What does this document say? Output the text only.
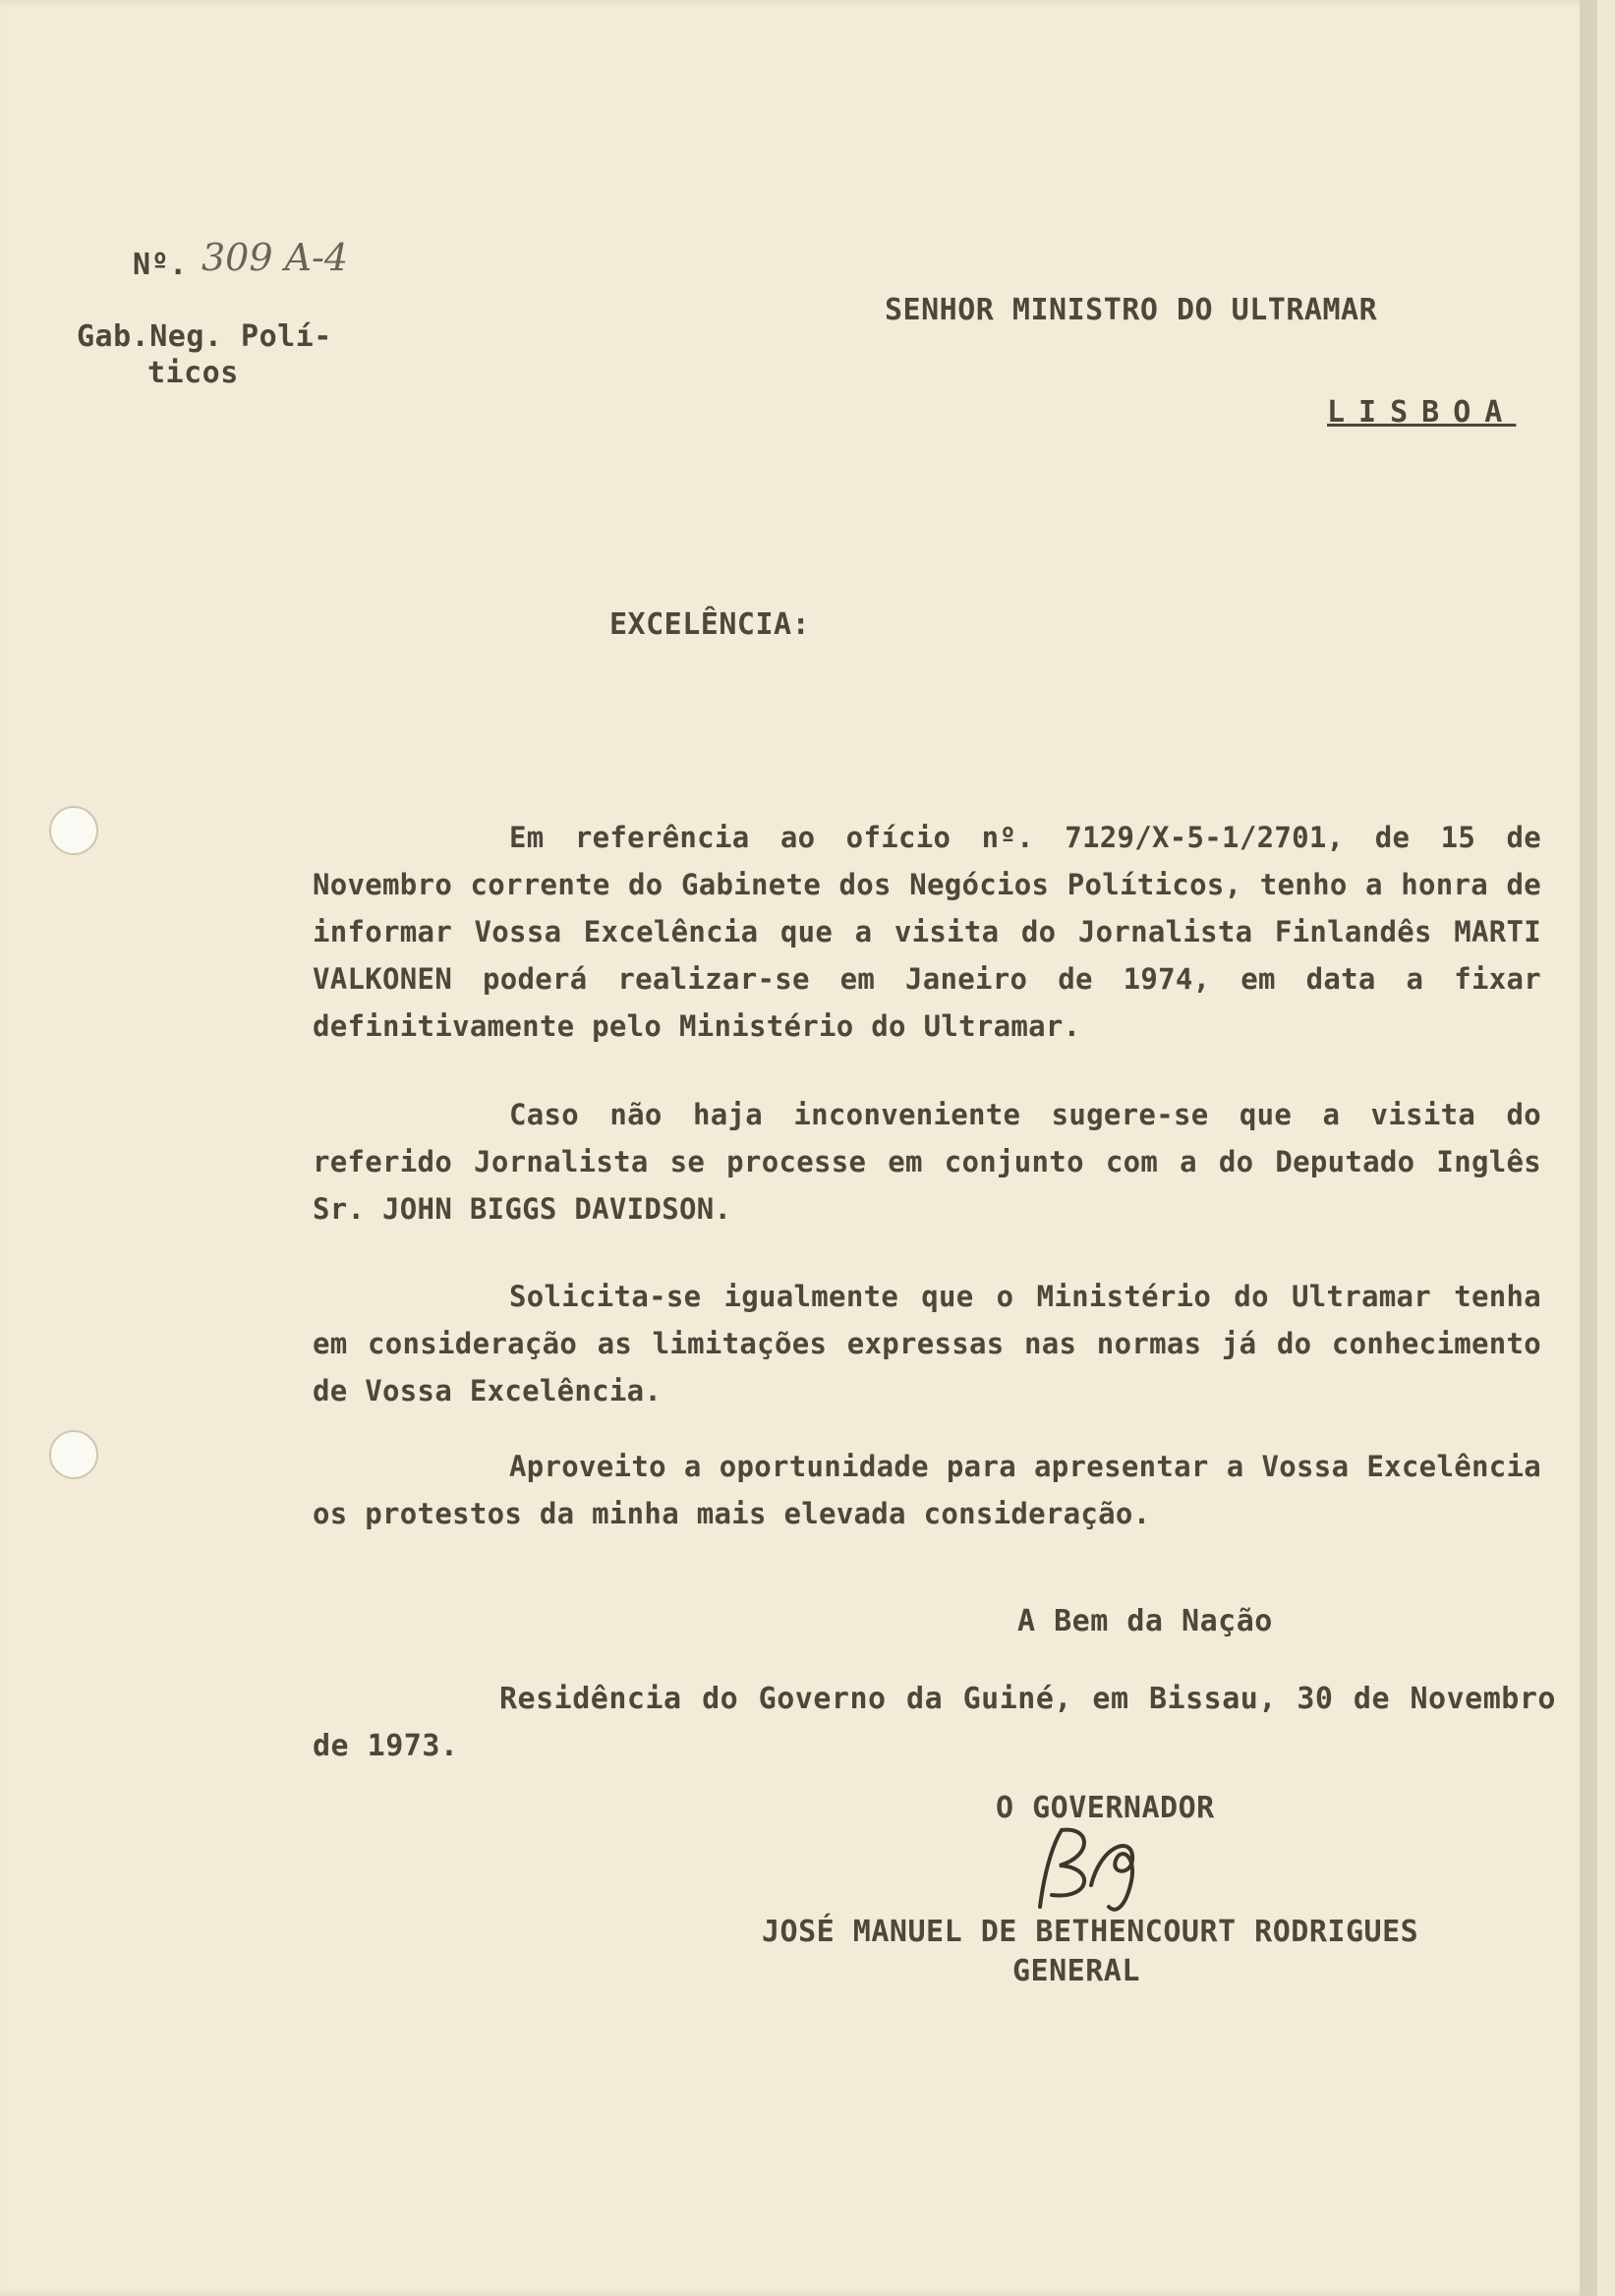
Nº. 309 A-4

Gab.Neg. Polí-

ticos

SENHOR MINISTRO DO ULTRAMAR

LISBOA

EXCELÊNCIA:

Em referência ao ofício nº. 7129/X-5-1/2701, de 15 de Novembro corrente do Gabinete dos Negócios Políticos, tenho a honra de informar Vossa Excelência que a visita do Jornalista Finlandês MARTI VALKONEN poderá realizar-se em Janeiro de 1974, em data a fixar definitivamente pelo Ministério do Ultramar.

Caso não haja inconveniente sugere-se que a visita do referido Jornalista se processe em conjunto com a do Deputado Inglês Sr. JOHN BIGGS DAVIDSON.

Solicita-se igualmente que o Ministério do Ultramar tenha em consideração as limitações expressas nas normas já do conhecimento de Vossa Excelência.

Aproveito a oportunidade para apresentar a Vossa Excelência os protestos da minha mais elevada consideração.

A Bem da Nação

Residência do Governo da Guiné, em Bissau, 30 de Novembro de 1973.

O GOVERNADOR

JOSÉ MANUEL DE BETHENCOURT RODRIGUES

GENERAL
